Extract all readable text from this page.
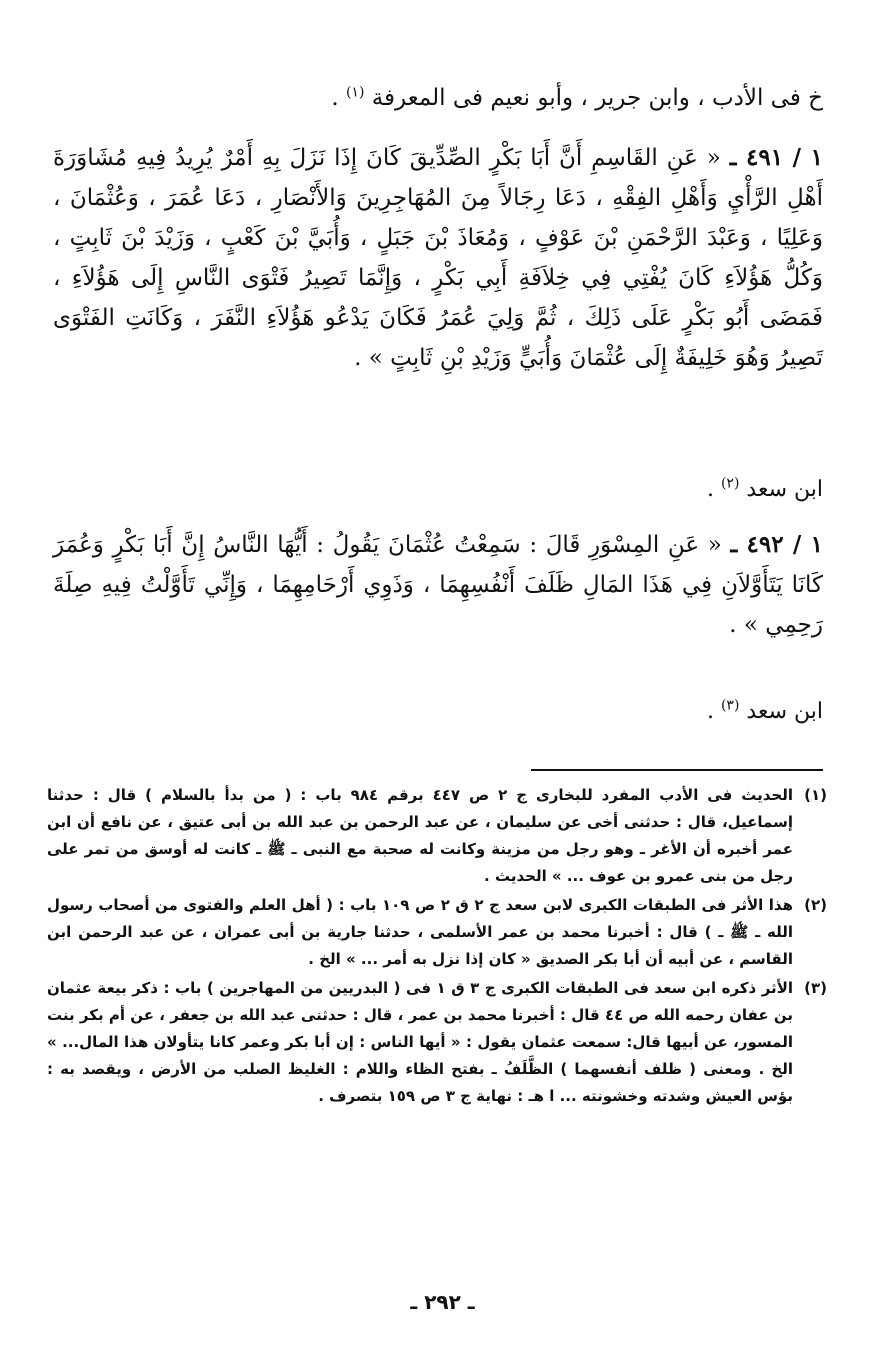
خ فى الأدب ، وابن جرير ، وأبو نعيم فى المعرفة $^{(١)}$ .
١ / ٤٩١ ـ « عَنِ القَاسِمِ أَنَّ أَبَا بَكْرٍ الصِّدِّيقَ كَانَ إِذَا نَزَلَ بِهِ أَمْرٌ يُرِيدُ فِيهِ مُشَاوَرَةَ أَهْلِ الرَّأْيِ وَأَهْلِ الفِقْهِ ، دَعَا رِجَالاً مِنَ المُهَاجِرِينَ وَالأَنْصَارِ ، دَعَا عُمَرَ ، وَعُثْمَانَ ، وَعَلِيًا ، وَعَبْدَ الرَّحْمَنِ بْنَ عَوْفٍ ، وَمُعَاذَ بْنَ جَبَلٍ ، وَأُبَيَّ بْنَ كَعْبٍ ، وَزَيْدَ بْنَ ثَابِتٍ ، وَكُلُّ هَؤُلاَءِ كَانَ يُفْتِي فِي خِلاَفَةِ أَبِي بَكْرٍ ، وَإِنَّمَا تَصِيرُ فَتْوَى النَّاسِ إِلَى هَؤُلاَءِ ، فَمَضَى أَبُو بَكْرٍ عَلَى ذَلِكَ ، ثُمَّ وَلِيَ عُمَرُ فَكَانَ يَدْعُو هَؤُلاَءِ النَّفَرَ ، وَكَانَتِ الفَتْوَى تَصِيرُ وَهُوَ خَلِيفَةٌ إِلَى عُثْمَانَ وَأُبَيٍّ وَزَيْدِ بْنِ ثَابِتٍ » .
ابن سعد $^{(٢)}$ .
١ / ٤٩٢ ـ « عَنِ المِسْوَرِ قَالَ : سَمِعْتُ عُثْمَانَ يَقُولُ : أَيُّهَا النَّاسُ إِنَّ أَبَا بَكْرٍ وَعُمَرَ كَانَا يَتَأَوَّلاَنِ فِي هَذَا المَالِ ظَلَفَ أَنْفُسِهِمَا ، وَذَوِي أَرْحَامِهِمَا ، وَإِنِّي تَأَوَّلْتُ فِيهِ صِلَةَ رَحِمِي » .
ابن سعد $^{(٣)}$ .
(١)الحديث فى الأدب المفرد للبخارى ج ٢ ص ٤٤٧ برقم ٩٨٤ باب : ( من بدأ بالسلام ) قال : حدثنا إسماعيل، قال : حدثنى أخى عن سليمان ، عن عبد الرحمن بن عبد الله بن أبى عتيق ، عن نافع أن ابن عمر أخبره أن الأغر ـ وهو رجل من مزينة وكانت له صحبة مع النبى ـ ﷺ ـ كانت له أوسق من تمر على رجل من بنى عمرو بن عوف ... » الحديث .
(٢)هذا الأثر فى الطبقات الكبرى لابن سعد ج ٢ ق ٢ ص ١٠٩ باب : ( أهل العلم والفتوى من أصحاب رسول الله ـ ﷺ ـ ) قال : أخبرنا محمد بن عمر الأسلمى ، حدثنا جارية بن أبى عمران ، عن عبد الرحمن ابن القاسم ، عن أبيه أن أبا بكر الصديق « كان إذا نزل به أمر ... » الخ .
(٣)الأثر ذكره ابن سعد فى الطبقات الكبرى ج ٣ ق ١ فى ( البدريين من المهاجرين ) باب : ذكر بيعة عثمان بن عفان رحمه الله ص ٤٤ قال : أخبرنا محمد بن عمر ، قال : حدثنى عبد الله بن جعفر ، عن أم بكر بنت المسور، عن أبيها قال: سمعت عثمان يقول : « أيها الناس : إن أبا بكر وعمر كانا يتأولان هذا المال... » الخ . ومعنى ( ظلف أنفسهما ) الظَّلَفُ ـ بفتح الظاء واللام : الغليظ الصلب من الأرض ، ويقصد به : بؤس العيش وشدته وخشونته ... ا هـ : نهاية ج ٣ ص ١٥٩ بتصرف .
ـ ٢٩٢ ـ
